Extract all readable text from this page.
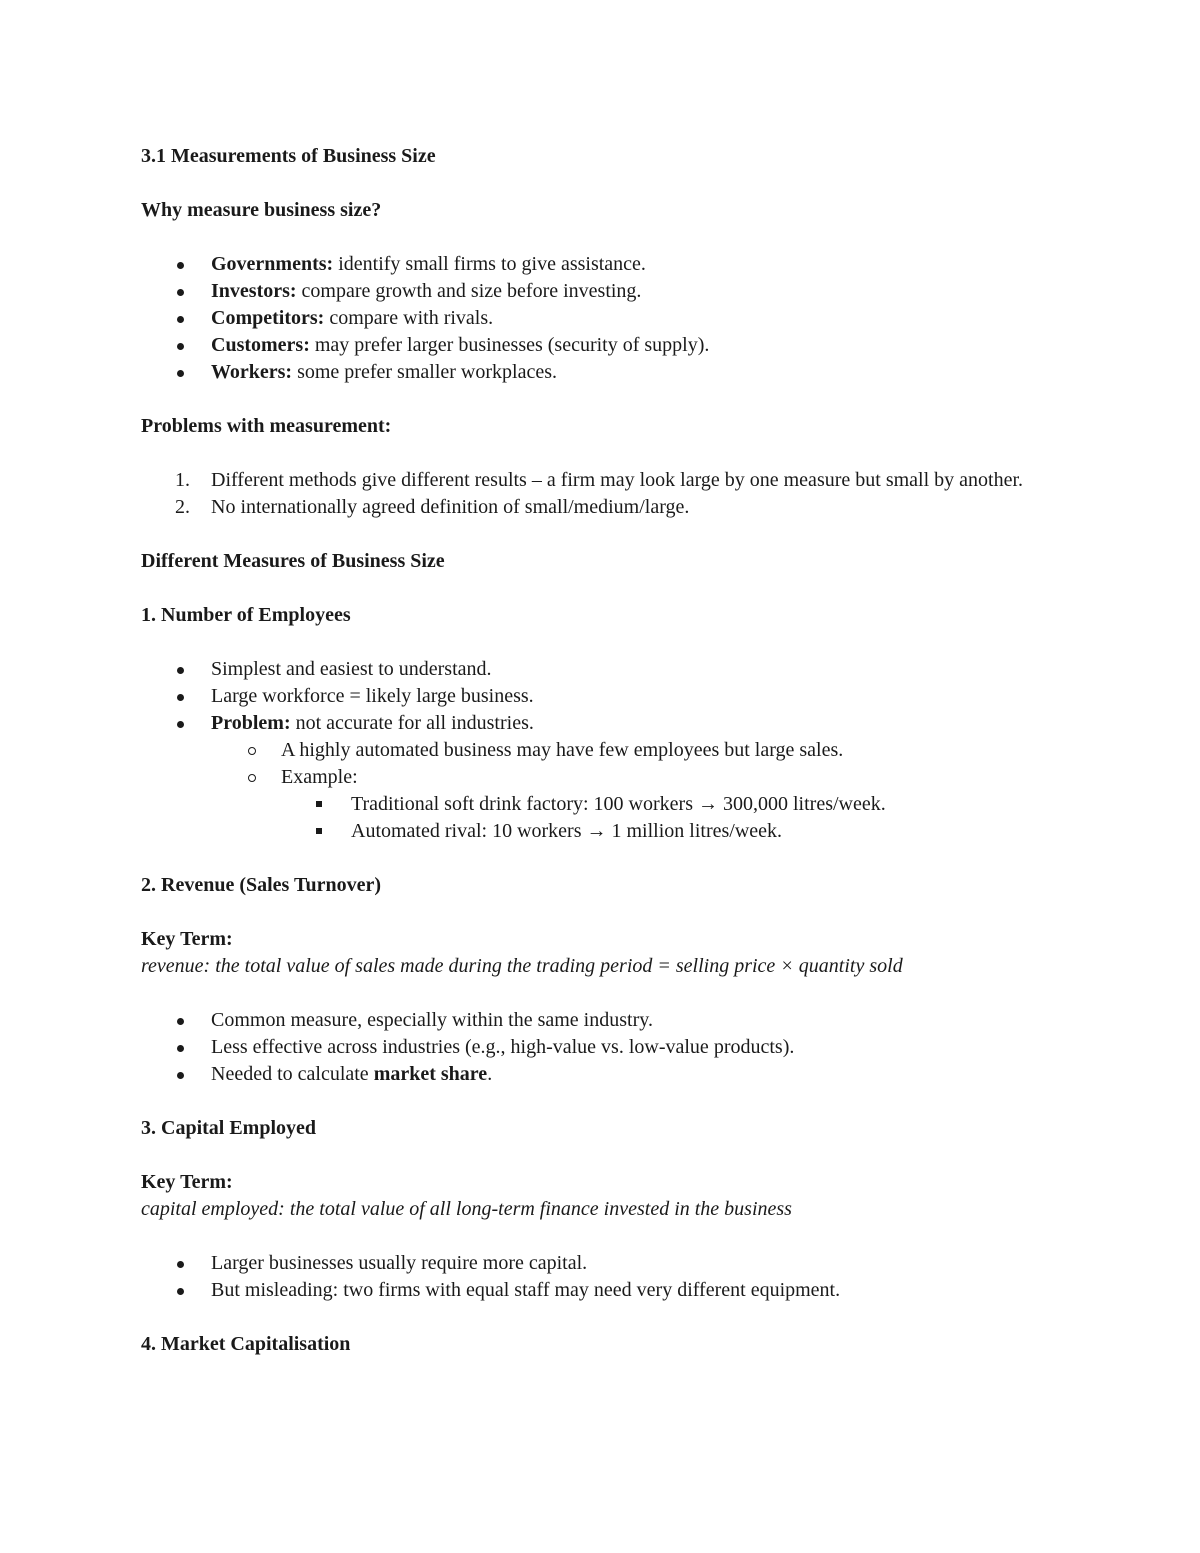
3.1 Measurements of Business Size

Why measure business size?

Governments: identify small firms to give assistance.
Investors: compare growth and size before investing.
Competitors: compare with rivals.
Customers: may prefer larger businesses (security of supply).
Workers: some prefer smaller workplaces.

Problems with measurement:

1. Different methods give different results – a firm may look large by one measure but small by another.
2. No internationally agreed definition of small/medium/large.

Different Measures of Business Size

1. Number of Employees

Simplest and easiest to understand.
Large workforce = likely large business.
Problem: not accurate for all industries.
A highly automated business may have few employees but large sales.
Example:
Traditional soft drink factory: 100 workers → 300,000 litres/week.
Automated rival: 10 workers → 1 million litres/week.

2. Revenue (Sales Turnover)

Key Term:

revenue: the total value of sales made during the trading period = selling price × quantity sold

Common measure, especially within the same industry.
Less effective across industries (e.g., high-value vs. low-value products).
Needed to calculate market share.

3. Capital Employed

Key Term:

capital employed: the total value of all long-term finance invested in the business

Larger businesses usually require more capital.
But misleading: two firms with equal staff may need very different equipment.

4. Market Capitalisation
